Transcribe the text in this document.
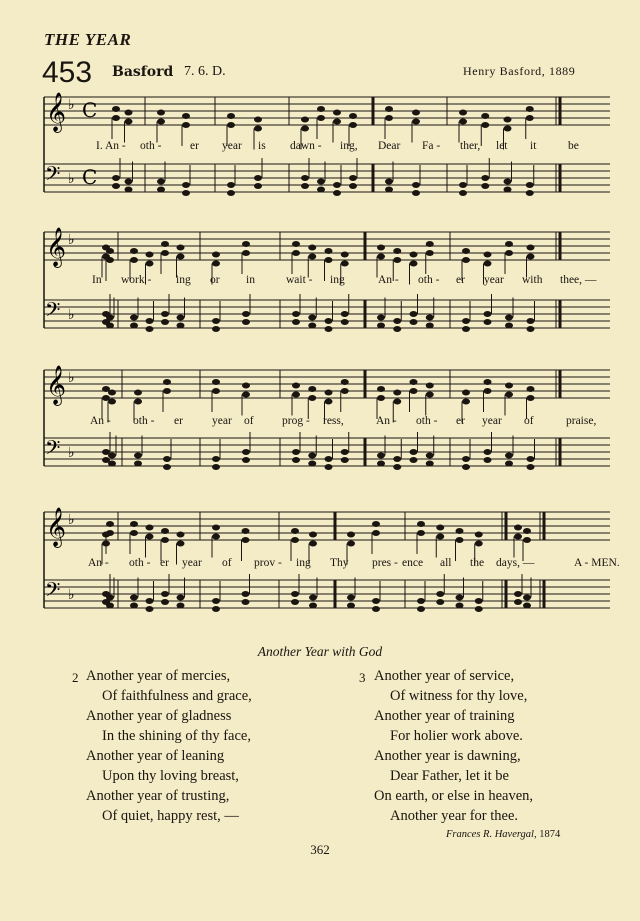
THE YEAR
453 Basford 7. 6. D.	Henry Basford, 1889
𝄞 ♭ C
𝄢 ♭ C
𝄞 ♭
𝄢 ♭
𝄞 ♭
𝄢 ♭
𝄞 ♭
𝄢 ♭
I. An - oth - er year is dawn - ing, Dear Fa - ther, let it	be
In work - ing or in	wait - ing	An - oth - er year with thee, —
An - oth - er	year of prog - ress,	An - oth - er year of	praise,
An - oth - er year of prov - ing Thy pres - ence all the days, —	A - MEN.
Another Year with God
2 Another year of mercies,
Of faithfulness and grace,
Another year of gladness
In the shining of thy face,
Another year of leaning
Upon thy loving breast,
Another year of trusting,
Of quiet, happy rest, —
3 Another year of service,
Of witness for thy love,
Another year of training
For holier work above.
Another year is dawning,
Dear Father, let it be
On earth, or else in heaven,
Another year for thee.
Frances R. Havergal, 1874
362
